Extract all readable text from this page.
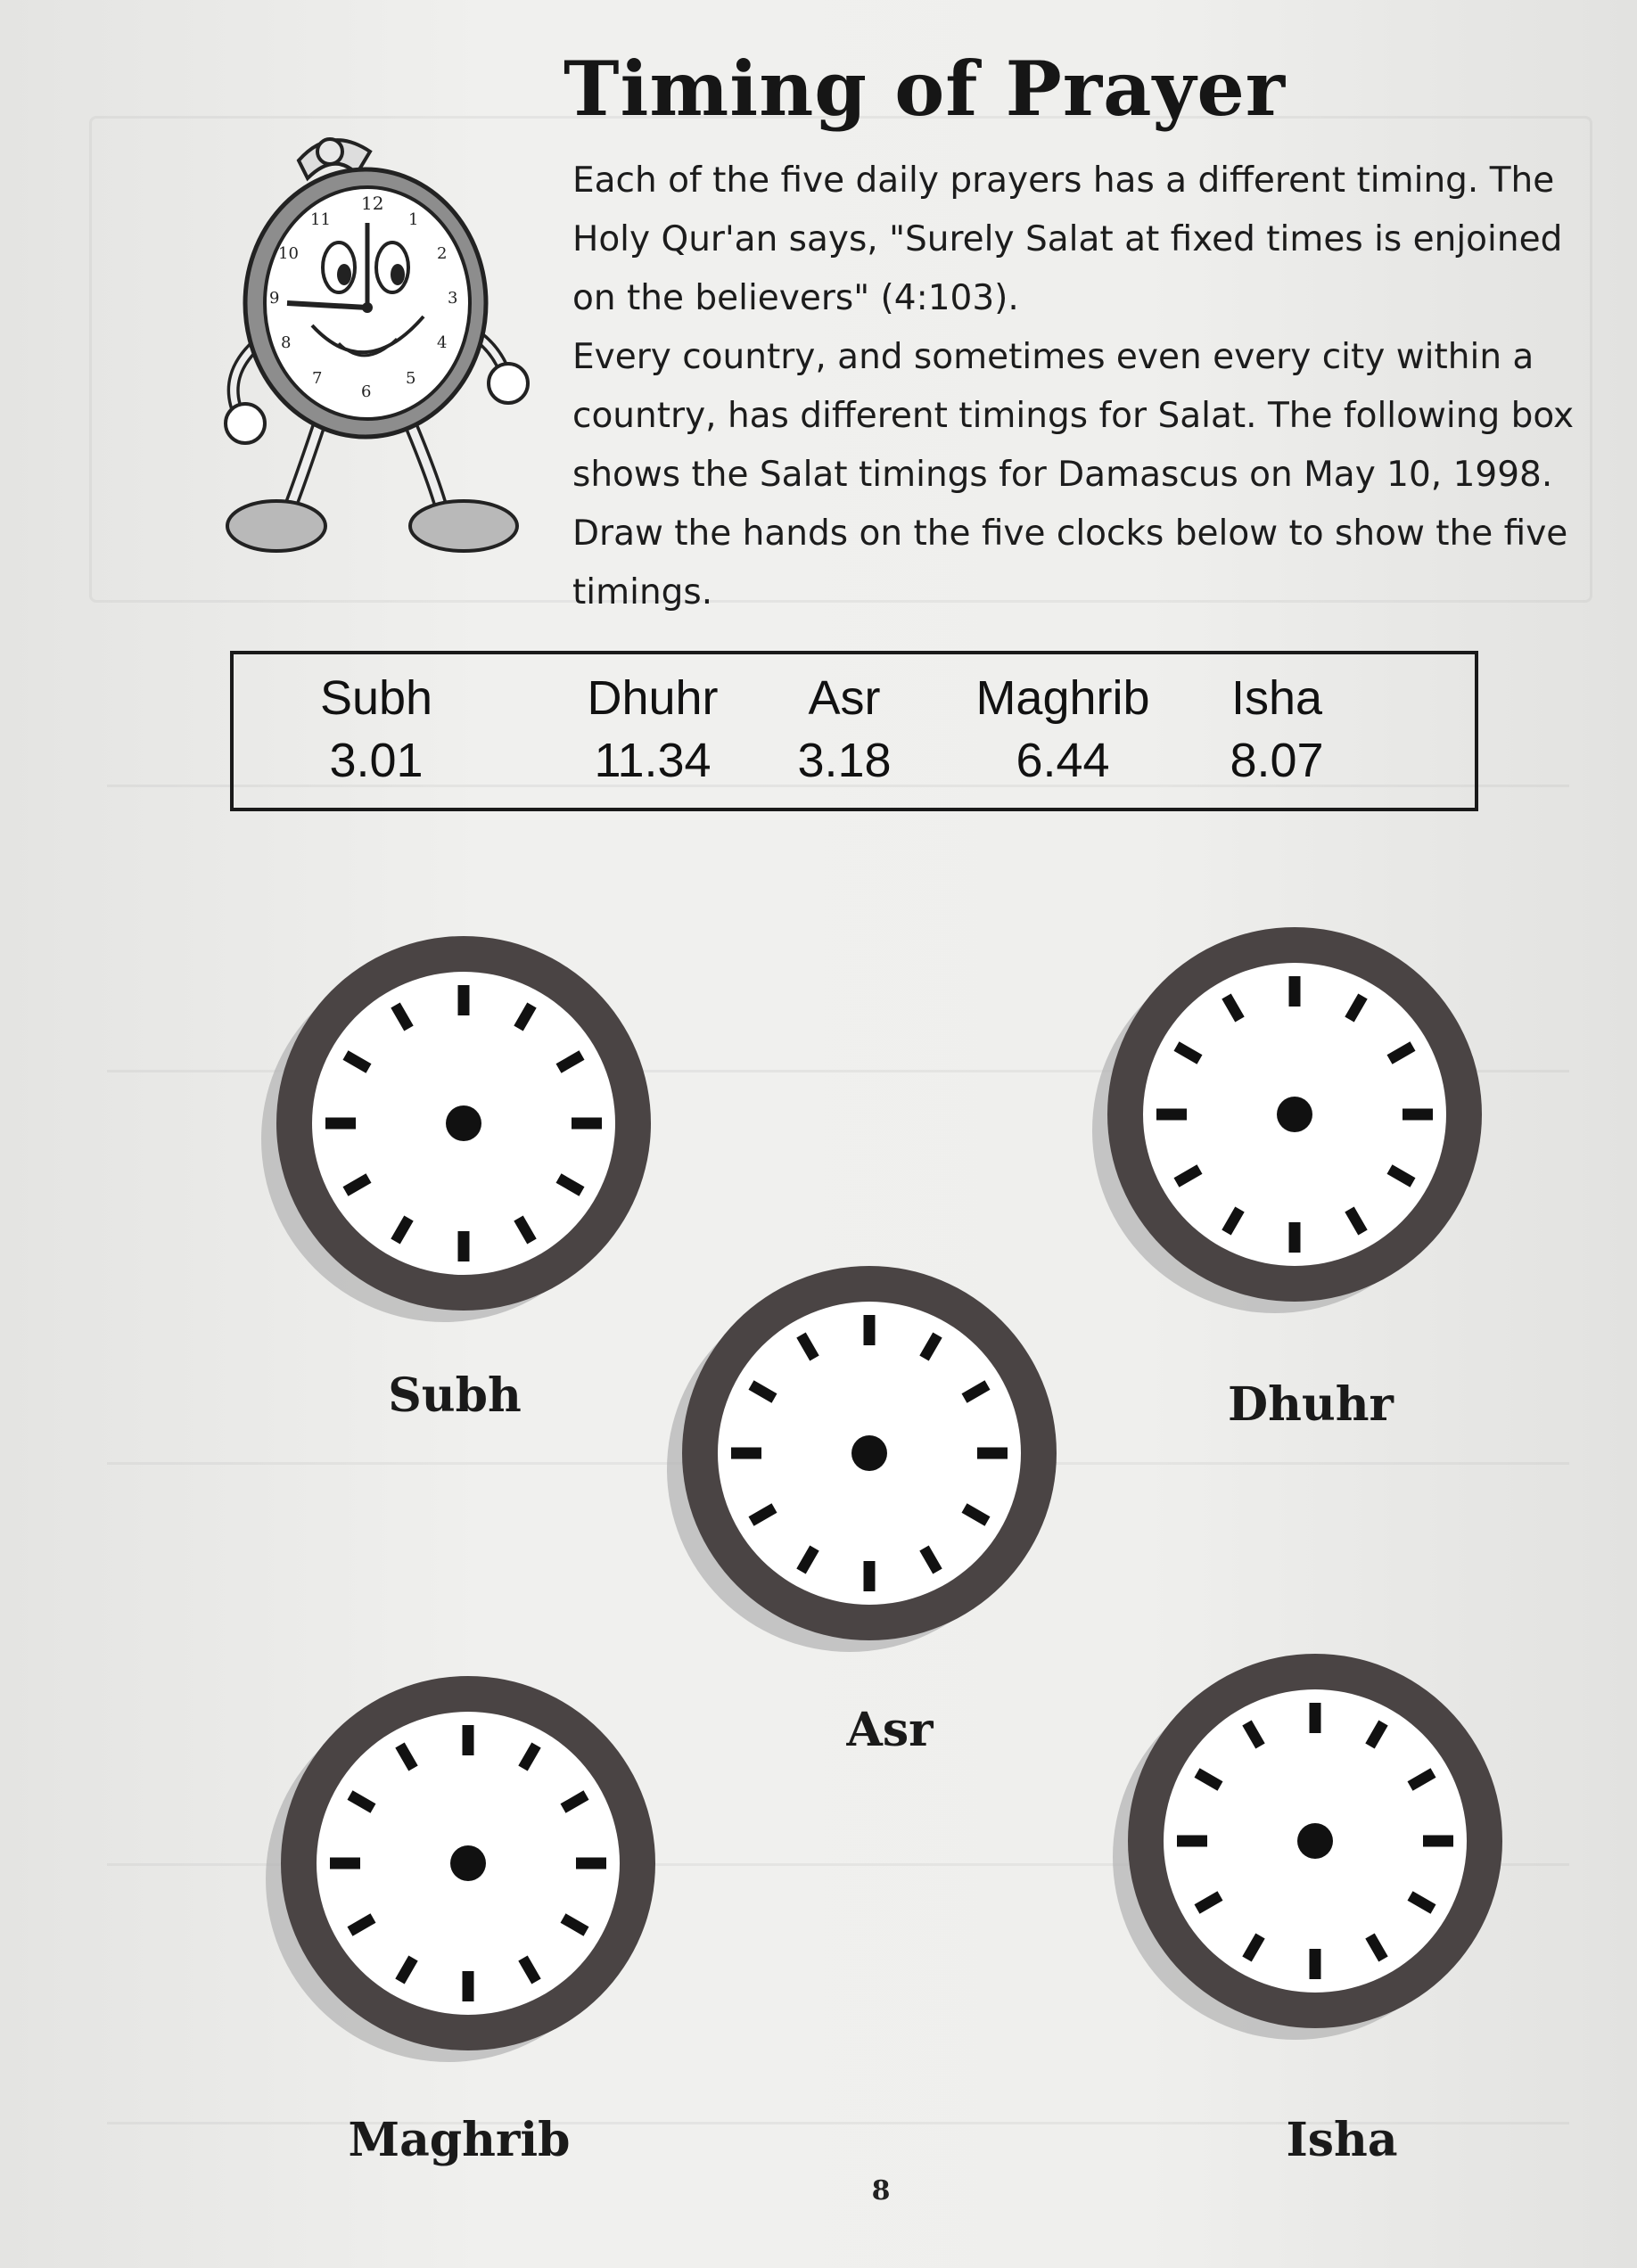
Timing of Prayer
12
1
2
3
4
5
6
7
8
9
10
11

Each of the five daily prayers has a different timing. The Holy Qur'an says, "Surely Salat at fixed times is enjoined on the believers" (4:103).

Every country, and sometimes even every city within a country, has different timings for Salat. The following box shows the Salat timings for Damascus on May 10, 1998. Draw the hands on the five clocks below to show the five timings.

Subh
3.01
Dhuhr
11.34
Asr
3.18
Maghrib
6.44
Isha
8.07
Subh	Dhuhr
Asr
Maghrib	Isha
8
